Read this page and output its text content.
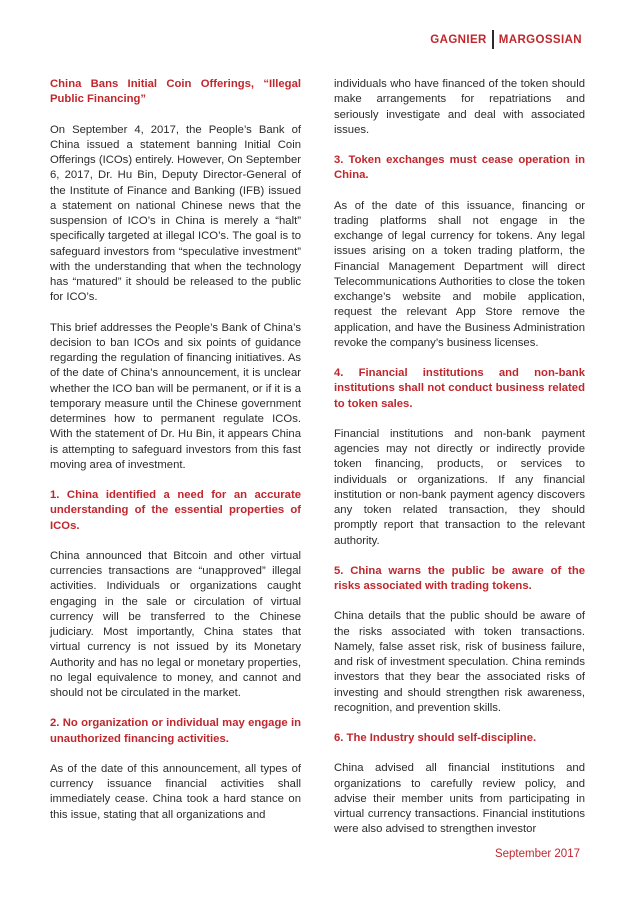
GAGNIER MARGOSSIAN
China Bans Initial Coin Offerings, “Illegal Public Financing”

On September 4, 2017, the People’s Bank of China issued a statement banning Initial Coin Offerings (ICOs) entirely. However, On September 6, 2017, Dr. Hu Bin, Deputy Director-General of the Institute of Finance and Banking (IFB) issued a statement on national Chinese news that the suspension of ICO’s in China is merely a “halt” specifically targeted at illegal ICO’s. The goal is to safeguard investors from “speculative investment” with the understanding that when the technology has “matured” it should be released to the public for ICO’s.

This brief addresses the People’s Bank of China’s decision to ban ICOs and six points of guidance regarding the regulation of financing initiatives. As of the date of China’s announcement, it is unclear whether the ICO ban will be permanent, or if it is a temporary measure until the Chinese government determines how to permanent regulate ICOs. With the statement of Dr. Hu Bin, it appears China is attempting to safeguard investors from this fast moving area of investment.

1. China identified a need for an accurate understanding of the essential properties of ICOs.

China announced that Bitcoin and other virtual currencies transactions are “unapproved” illegal activities. Individuals or organizations caught engaging in the sale or circulation of virtual currency will be transferred to the Chinese judiciary. Most importantly, China states that virtual currency is not issued by its Monetary Authority and has no legal or monetary properties, no legal equivalence to money, and cannot and should not be circulated in the market.

2. No organization or individual may engage in unauthorized financing activities.

As of the date of this announcement, all types of currency issuance financial activities shall immediately cease. China took a hard stance on this issue, stating that all organizations and

individuals who have financed of the token should make arrangements for repatriations and seriously investigate and deal with associated issues.

3. Token exchanges must cease operation in China.

As of the date of this issuance, financing or trading platforms shall not engage in the exchange of legal currency for tokens. Any legal issues arising on a token trading platform, the Financial Management Department will direct Telecommunications Authorities to close the token exchange’s website and mobile application, request the relevant App Store remove the application, and have the Business Administration revoke the company’s business licenses.

4. Financial institutions and non-bank institutions shall not conduct business related to token sales.

Financial institutions and non-bank payment agencies may not directly or indirectly provide token financing, products, or services to individuals or organizations. If any financial institution or non-bank payment agency discovers any token related transaction, they should promptly report that transaction to the relevant authority.

5. China warns the public be aware of the risks associated with trading tokens.

China details that the public should be aware of the risks associated with token transactions. Namely, false asset risk, risk of business failure, and risk of investment speculation. China reminds investors that they bear the associated risks of investing and should strengthen risk awareness, recognition, and prevention skills.

6. The Industry should self-discipline.

China advised all financial institutions and organizations to carefully review policy, and advise their member units from participating in virtual currency transactions. Financial institutions were also advised to strengthen investor

September 2017
